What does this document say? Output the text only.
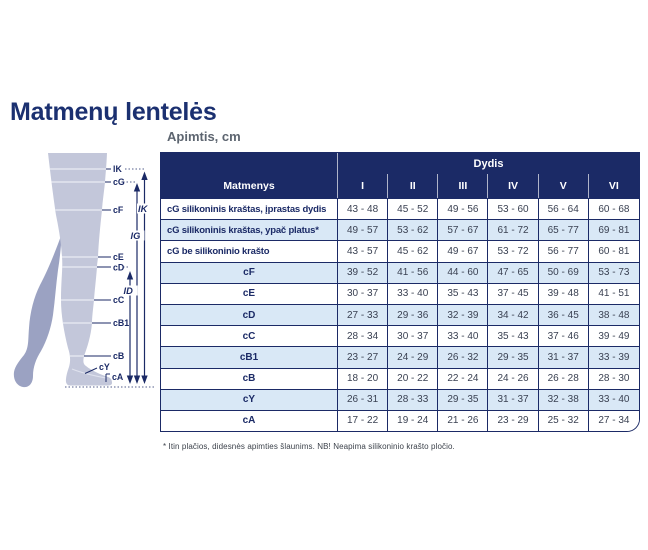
Matmenų lentelės
Apimtis, cm
lK
cG
cF
cE
cD
cC
cB1
cB
cY
cA
lK
lG
lD
Matmenys	Dydis					
	I	II	III	IV	V	VI
cG silikoninis kraštas, įprastas dydis	43 - 48	45 - 52	49 - 56	53 - 60	56 - 64	60 - 68
cG silikoninis kraštas, ypač platus*	49 - 57	53 - 62	57 - 67	61 - 72	65 - 77	69 - 81
cG be silikoninio krašto	43 - 57	45 - 62	49 - 67	53 - 72	56 - 77	60 - 81
cF	39 - 52	41 - 56	44 - 60	47 - 65	50 - 69	53 - 73
cE	30 - 37	33 - 40	35 - 43	37 - 45	39 - 48	41 - 51
cD	27 - 33	29 - 36	32 - 39	34 - 42	36 - 45	38 - 48
cC	28 - 34	30 - 37	33 - 40	35 - 43	37 - 46	39 - 49
cB1	23 - 27	24 - 29	26 - 32	29 - 35	31 - 37	33 - 39
cB	18 - 20	20 - 22	22 - 24	24 - 26	26 - 28	28 - 30
cY	26 - 31	28 - 33	29 - 35	31 - 37	32 - 38	33 - 40
cA	17 - 22	19 - 24	21 - 26	23 - 29	25 - 32	27 - 34
* Itin plačios, didesnės apimties šlaunims. NB! Neapima silikoninio krašto pločio.
